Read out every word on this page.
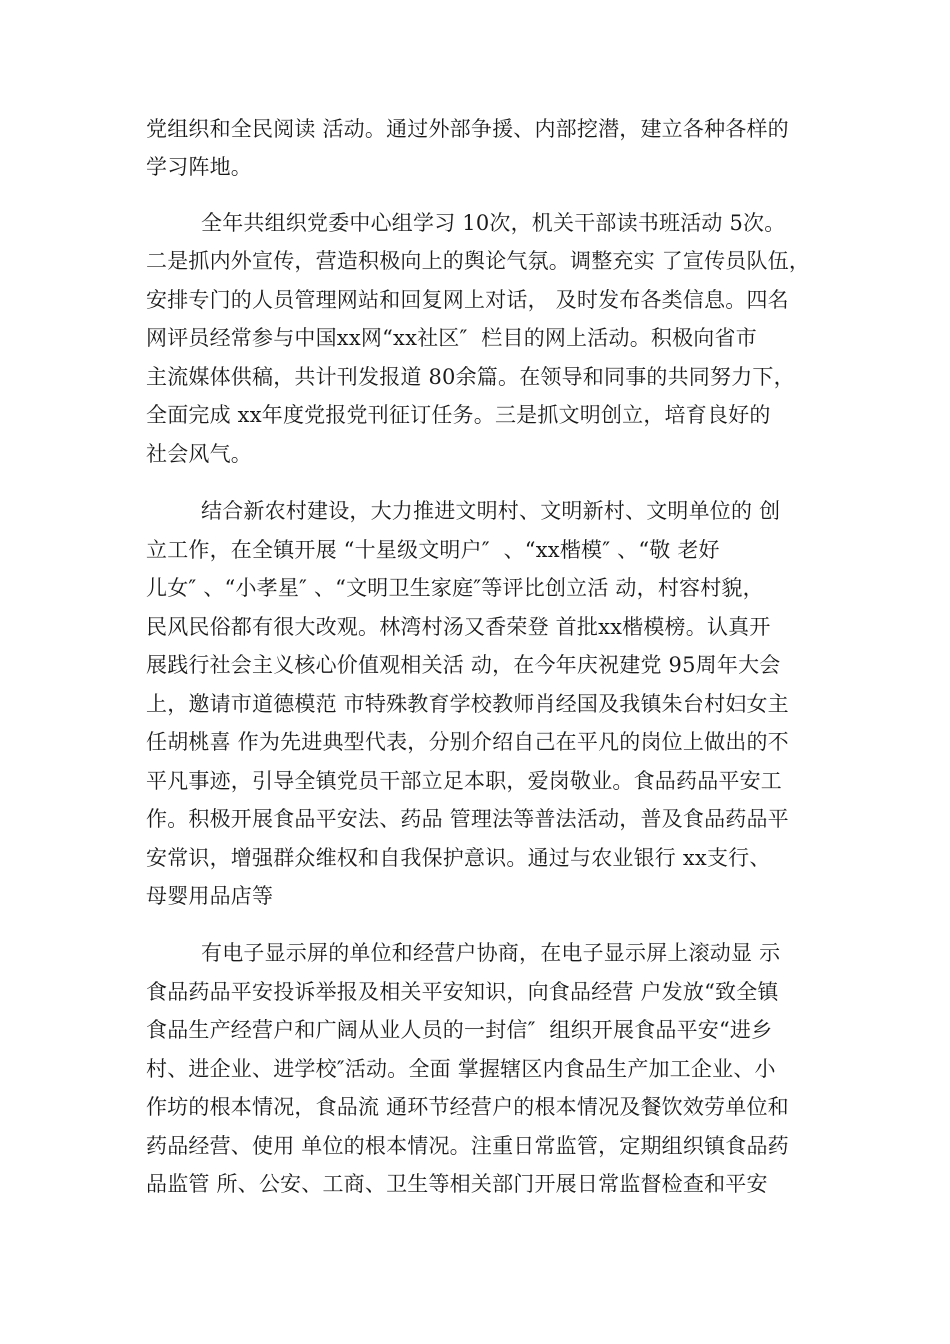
党组织和全民阅读 活动。通过外部争援、内部挖潜，建立各种各样的
学习阵地。
全年共组织党委中心组学习 10次，机关干部读书班活动 5次。
二是抓内外宣传，营造积极向上的舆论气氛。调整充实 了宣传员队伍，
安排专门的人员管理网站和回复网上对话， 及时发布各类信息。四名
网评员经常参与中国xx网“xx社区″  栏目的网上活动。积极向省市
主流媒体供稿，共计刊发报道 80余篇。在领导和同事的共同努力下，
全面完成 xx年度党报党刊征订任务。三是抓文明创立，培育良好的
社会风气。
结合新农村建设，大力推进文明村、文明新村、文明单位的 创
立工作，在全镇开展 “十星级文明户″  、“xx楷模″ 、“敬 老好
儿女″ 、“小孝星″ 、“文明卫生家庭″等评比创立活 动，村容村貌，
民风民俗都有很大改观。林湾村汤又香荣登 首批xx楷模榜。认真开
展践行社会主义核心价值观相关活 动，在今年庆祝建党 95周年大会
上，邀请市道德模范 市特殊教育学校教师肖经国及我镇朱台村妇女主
任胡桃喜 作为先进典型代表，分别介绍自己在平凡的岗位上做出的不
平凡事迹，引导全镇党员干部立足本职，爱岗敬业。食品药品平安工
作。积极开展食品平安法、药品 管理法等普法活动，普及食品药品平
安常识，增强群众维权和自我保护意识。通过与农业银行 xx支行、
母婴用品店等
有电子显示屏的单位和经营户协商，在电子显示屏上滚动显 示
食品药品平安投诉举报及相关平安知识，向食品经营 户发放“致全镇
食品生产经营户和广阔从业人员的一封信″  组织开展食品平安“进乡
村、进企业、进学校″活动。全面 掌握辖区内食品生产加工企业、小
作坊的根本情况，食品流 通环节经营户的根本情况及餐饮效劳单位和
药品经营、使用 单位的根本情况。注重日常监管，定期组织镇食品药
品监管 所、公安、工商、卫生等相关部门开展日常监督检查和平安
